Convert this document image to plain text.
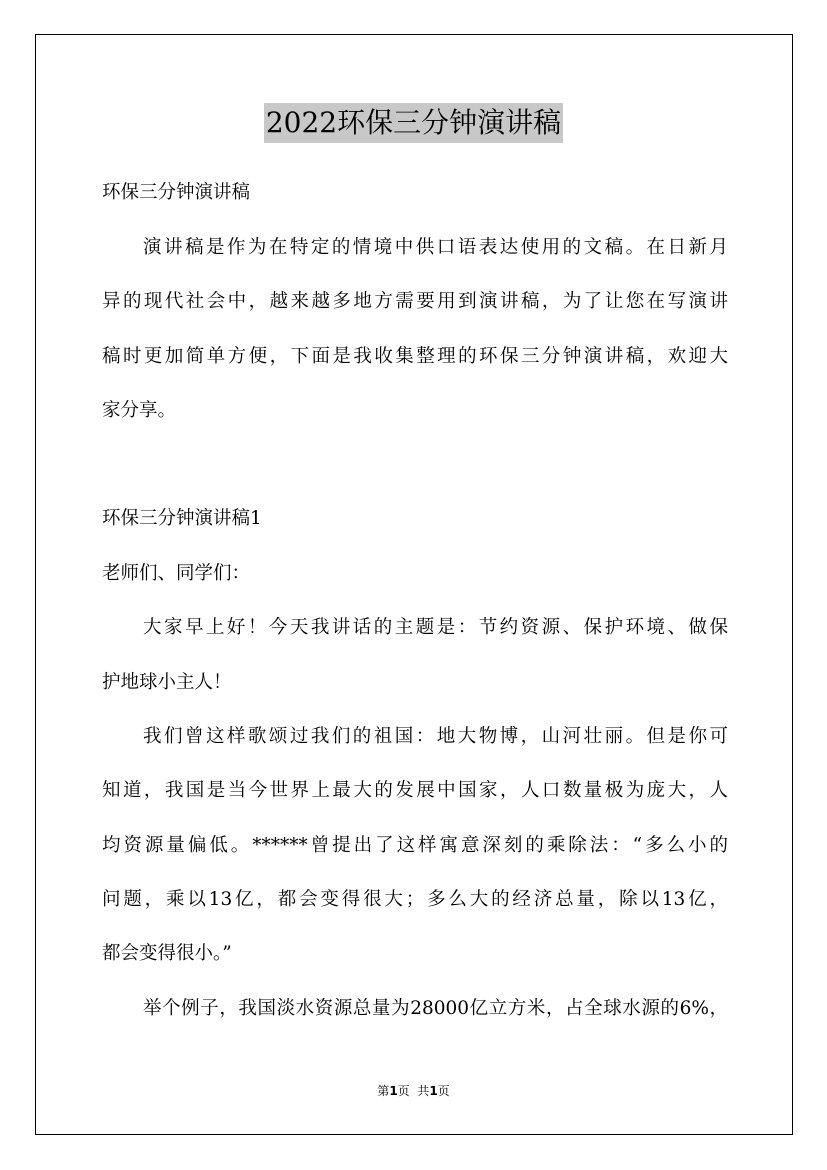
2022环保三分钟演讲稿
环保三分钟演讲稿
演讲稿是作为在特定的情境中供口语表达使用的文稿。在日新月
异的现代社会中，越来越多地方需要用到演讲稿，为了让您在写演讲
稿时更加简单方便，下面是我收集整理的环保三分钟演讲稿，欢迎大
家分享。
环保三分钟演讲稿1
老师们、同学们：
大家早上好！今天我讲话的主题是：节约资源、保护环境、做保
护地球小主人！
我们曾这样歌颂过我们的祖国：地大物博，山河壮丽。但是你可
知道，我国是当今世界上最大的发展中国家，人口数量极为庞大，人
均资源量偏低。******曾提出了这样寓意深刻的乘除法：“多么小的
问题，乘以13亿，都会变得很大；多么大的经济总量，除以13亿，
都会变得很小。”
举个例子，我国淡水资源总量为28000亿立方米，占全球水源的6%，
第1页  共1页
